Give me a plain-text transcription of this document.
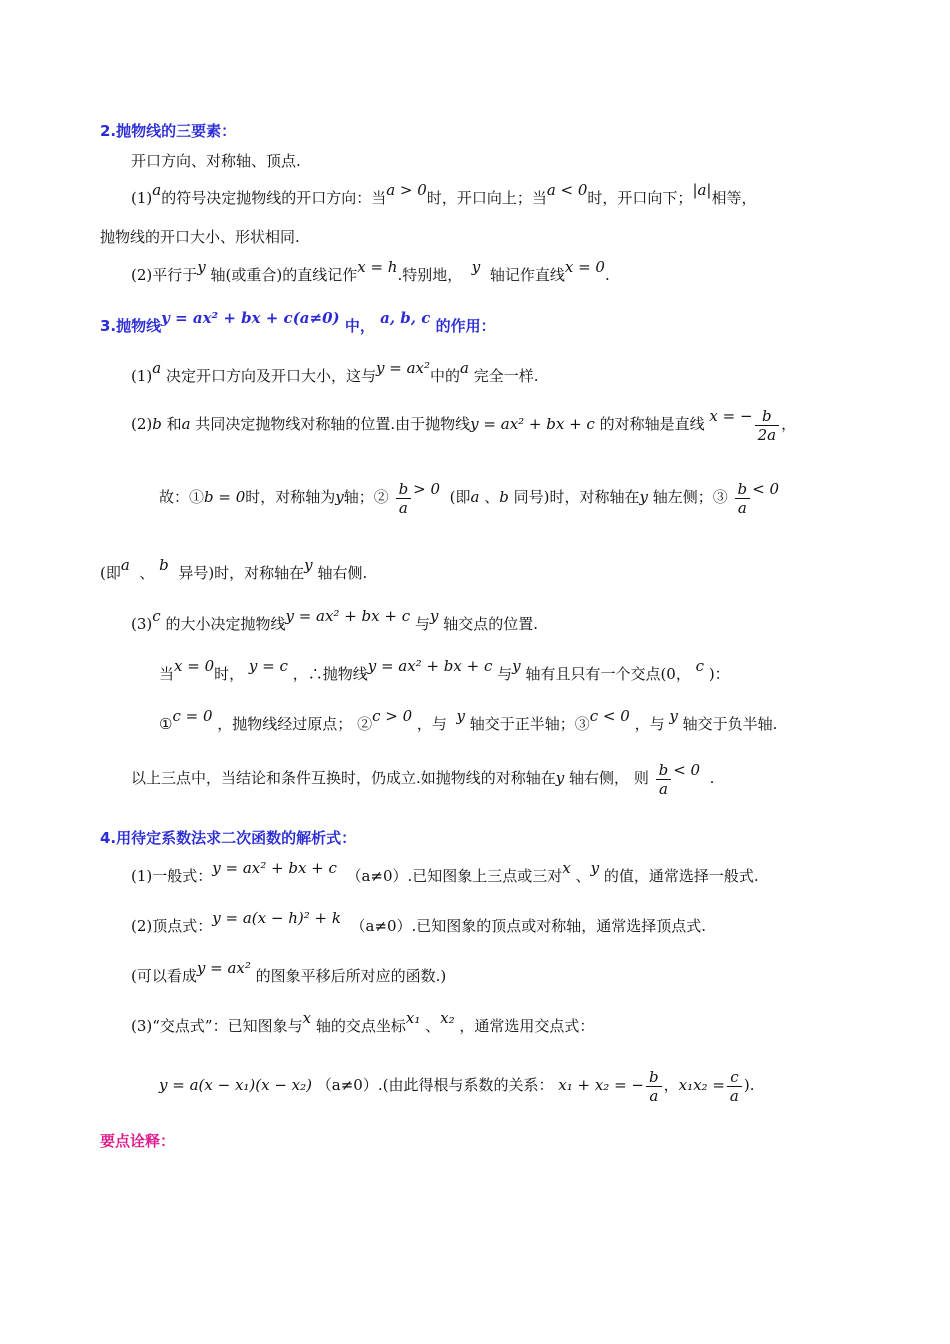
2.抛物线的三要素：
开口方向、对称轴、顶点.
(1)a的符号决定抛物线的开口方向：当a > 0时，开口向上；当a < 0时，开口向下；|a|相等，
抛物线的开口大小、形状相同.
(2)平行于y 轴(或重合)的直线记作x = h.特别地， y 轴记作直线x = 0.
3.抛物线y = ax² + bx + c(a≠0) 中， a, b, c 的作用：
(1)a 决定开口方向及开口大小，这与y = ax²中的a 完全一样.
(2)b 和a 共同决定抛物线对称轴的位置.由于抛物线y = ax² + bx + c 的对称轴是直线 x = − $\frac{b}{2a}$ ，
故：①b = 0时，对称轴为y轴；② $\frac{b}{a} > 0$ (即a 、b 同号)时，对称轴在y 轴左侧；③ $\frac{b}{a} < 0$
(即a 、 b 异号)时，对称轴在y 轴右侧.
(3)c 的大小决定抛物线y = ax² + bx + c 与y 轴交点的位置.
当x = 0时， y = c ，∴抛物线y = ax² + bx + c 与y 轴有且只有一个交点(0， c )：
①c = 0 ，抛物线经过原点； ②c > 0 ，与 y 轴交于正半轴；③c < 0 ，与 y 轴交于负半轴.
以上三点中，当结论和条件互换时，仍成立.如抛物线的对称轴在y 轴右侧， 则 $\frac{b}{a} < 0$ .
4.用待定系数法求二次函数的解析式：
(1)一般式：y = ax² + bx + c （a≠0）.已知图象上三点或三对x 、y 的值，通常选择一般式.
(2)顶点式：y = a(x − h)² + k （a≠0）.已知图象的顶点或对称轴，通常选择顶点式.
(可以看成y = ax² 的图象平移后所对应的函数.)
(3)“交点式”：已知图象与x 轴的交点坐标x₁ 、x₂ ，通常选用交点式：
y = a(x − x₁)(x − x₂) （a≠0）.(由此得根与系数的关系： x₁ + x₂ = − $\frac{b}{a}$ ，$x_1x_2 = \frac{c}{a}$ ).
要点诠释：
